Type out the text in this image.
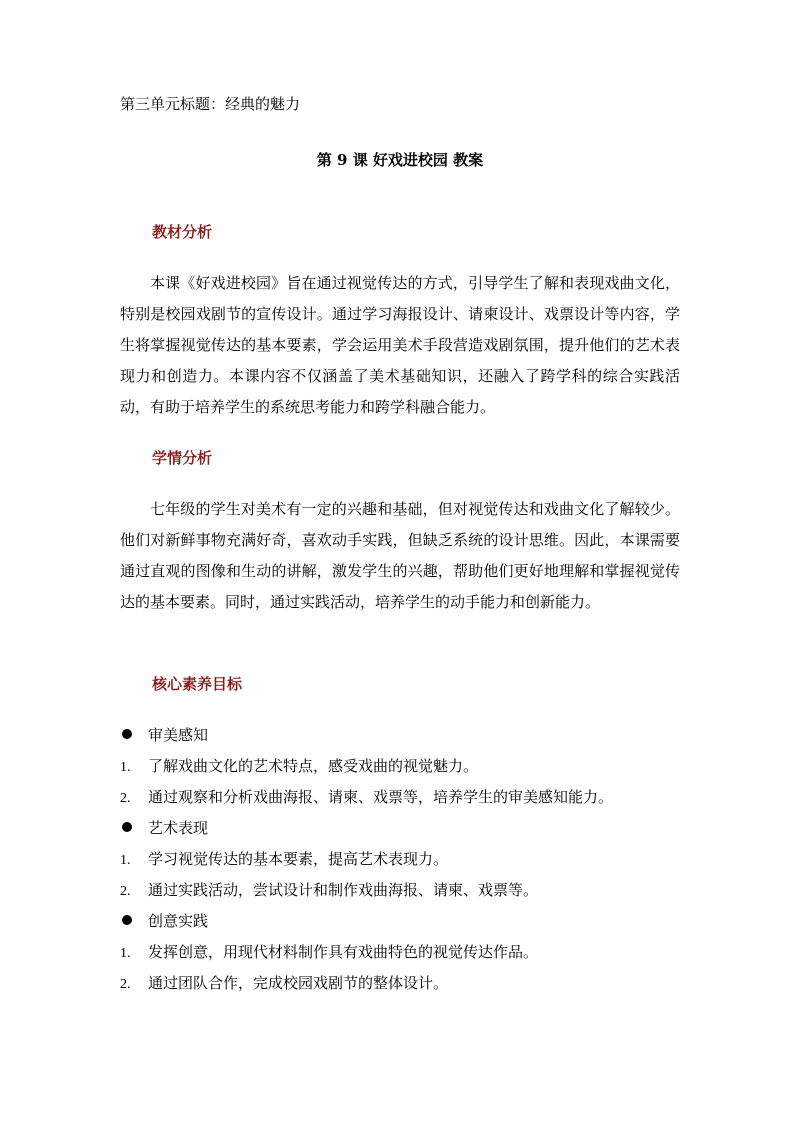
第三单元标题：经典的魅力

第 9 课 好戏进校园 教案

教材分析

本课《好戏进校园》旨在通过视觉传达的方式，引导学生了解和表现戏曲文化，特别是校园戏剧节的宣传设计。通过学习海报设计、请柬设计、戏票设计等内容，学生将掌握视觉传达的基本要素，学会运用美术手段营造戏剧氛围，提升他们的艺术表现力和创造力。本课内容不仅涵盖了美术基础知识，还融入了跨学科的综合实践活动，有助于培养学生的系统思考能力和跨学科融合能力。

学情分析

七年级的学生对美术有一定的兴趣和基础，但对视觉传达和戏曲文化了解较少。他们对新鲜事物充满好奇，喜欢动手实践，但缺乏系统的设计思维。因此，本课需要通过直观的图像和生动的讲解，激发学生的兴趣，帮助他们更好地理解和掌握视觉传达的基本要素。同时，通过实践活动，培养学生的动手能力和创新能力。

核心素养目标

审美感知
1. 了解戏曲文化的艺术特点，感受戏曲的视觉魅力。
2. 通过观察和分析戏曲海报、请柬、戏票等，培养学生的审美感知能力。
艺术表现
1. 学习视觉传达的基本要素，提高艺术表现力。
2. 通过实践活动，尝试设计和制作戏曲海报、请柬、戏票等。
创意实践
1. 发挥创意，用现代材料制作具有戏曲特色的视觉传达作品。
2. 通过团队合作，完成校园戏剧节的整体设计。
